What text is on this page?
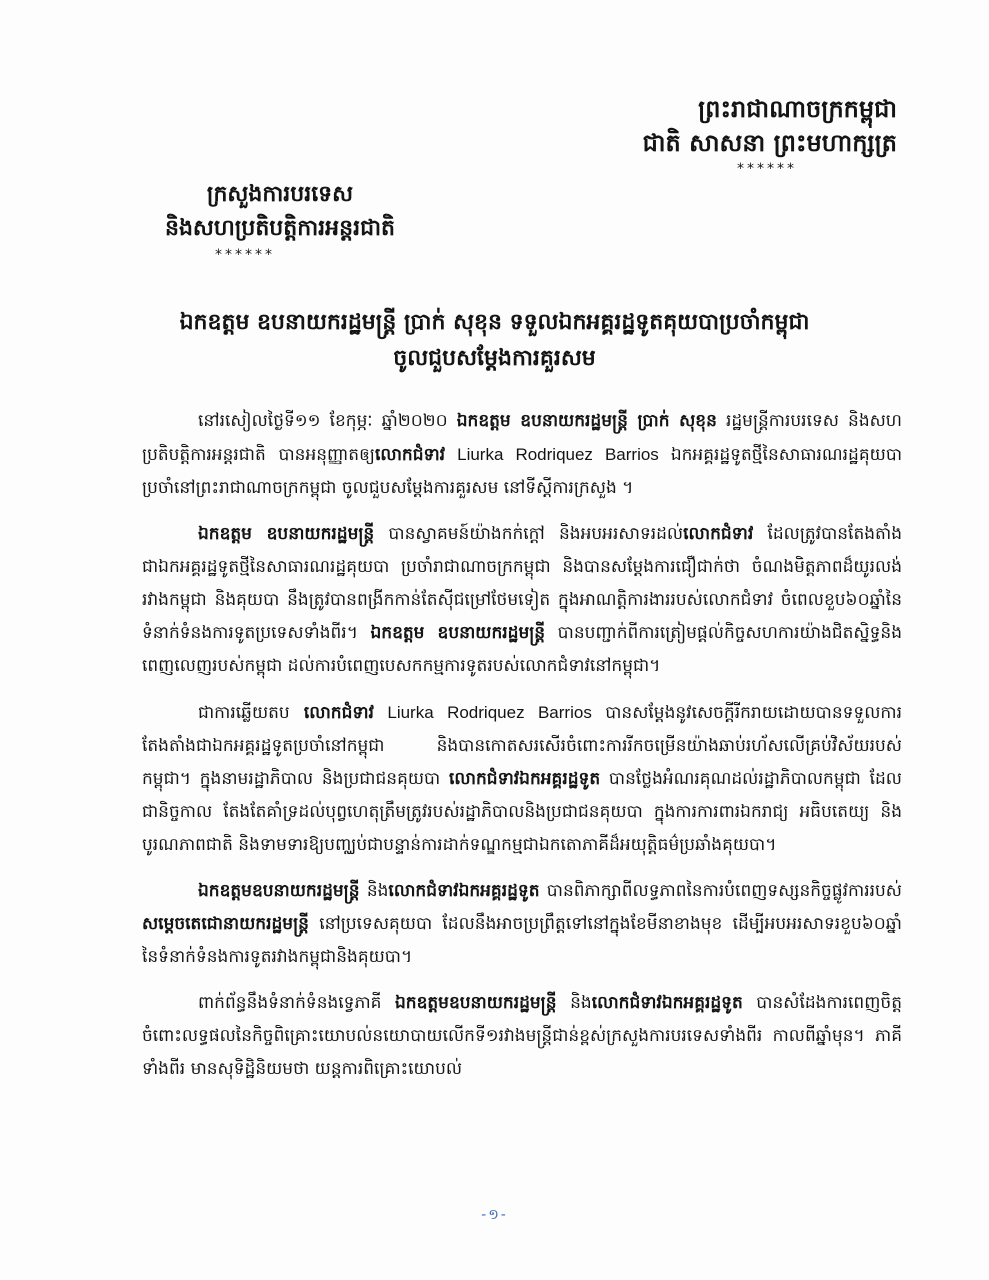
ព្រះរាជាណាចក្រកម្ពុជា
ជាតិ សាសនា ព្រះមហាក្សត្រ
******
ក្រសួងការបរទេស
និងសហប្រតិបត្តិការអន្តរជាតិ
******
ឯកឧត្តម ឧបនាយករដ្ឋមន្ត្រី ប្រាក់ សុខុន ទទួលឯកអគ្គរដ្ឋទូតគុយបាប្រចាំកម្ពុជា
ចូលជួបសម្តែងការគួរសម

នៅរសៀលថ្ងៃទី១១ ខែកុម្ភៈ ឆ្នាំ២០២០ ឯកឧត្តម ឧបនាយករដ្ឋមន្ត្រី ប្រាក់ សុខុន រដ្ឋមន្ត្រីការបរទេស និងសហប្រតិបត្តិការអន្តរជាតិ បានអនុញ្ញាតឲ្យលោកជំទាវ Liurka Rodriquez Barrios ឯកអគ្គរដ្ឋទូតថ្មីនៃសាធារណរដ្ឋគុយបា ប្រចាំនៅព្រះរាជាណាចក្រកម្ពុជា ចូលជួបសម្តែងការគួរសម នៅទីស្តីការក្រសួង ។

ឯកឧត្តម ឧបនាយករដ្ឋមន្ត្រី បានស្វាគមន៍យ៉ាងកក់ក្តៅ និងអបអរសាទរដល់លោកជំទាវ ដែលត្រូវបានតែងតាំងជាឯកអគ្គរដ្ឋទូតថ្មីនៃសាធារណរដ្ឋគុយបា ប្រចាំរាជាណាចក្រកម្ពុជា និងបានសម្តែងការជឿជាក់ថា ចំណងមិត្តភាពដ៏យូរលង់រវាងកម្ពុជា និងគុយបា នឹងត្រូវបានពង្រីកកាន់តែស៊ីជម្រៅថែមទៀត ក្នុងអាណត្តិការងាររបស់លោកជំទាវ ចំពេលខួប៦០ឆ្នាំនៃទំនាក់ទំនងការទូតប្រទេសទាំងពីរ។ ឯកឧត្តម ឧបនាយករដ្ឋមន្ត្រី បានបញ្ជាក់ពីការត្រៀមផ្តល់កិច្ចសហការយ៉ាងជិតស្និទ្ធនិងពេញលេញរបស់កម្ពុជា ដល់ការបំពេញបេសកកម្មការទូតរបស់លោកជំទាវនៅកម្ពុជា។

ជាការឆ្លើយតប លោកជំទាវ Liurka Rodriquez Barrios បានសម្តែងនូវសេចក្តីរីករាយដោយបានទទួលការតែងតាំងជាឯកអគ្គរដ្ឋទូតប្រចាំនៅកម្ពុជា និងបានកោតសរសើរចំពោះការរីកចម្រើនយ៉ាងឆាប់រហ័សលើគ្រប់វិស័យរបស់កម្ពុជា។ ក្នុងនាមរដ្ឋាភិបាល និងប្រជាជនគុយបា លោកជំទាវឯកអគ្គរដ្ឋទូត បានថ្លែងអំណរគុណដល់រដ្ឋាភិបាលកម្ពុជា ដែលជានិច្ចកាល តែងតែគាំទ្រដល់បុព្វហេតុត្រឹមត្រូវរបស់រដ្ឋាភិបាលនិងប្រជាជនគុយបា ក្នុងការការពារឯករាជ្យ អធិបតេយ្យ និងបូរណភាពជាតិ និងទាមទារឱ្យបញ្ឈប់ជាបន្ទាន់ការដាក់ទណ្ឌកម្មជាឯកតោភាគីដ៏អយុត្តិធម៌ប្រឆាំងគុយបា។

ឯកឧត្តមឧបនាយករដ្ឋមន្ត្រី និងលោកជំទាវឯកអគ្គរដ្ឋទូត បានពិភាក្សាពីលទ្ធភាពនៃការបំពេញទស្សនកិច្ចផ្លូវការរបស់សម្តេចតេជោនាយករដ្ឋមន្ត្រី នៅប្រទេសគុយបា ដែលនឹងអាចប្រព្រឹត្តទៅនៅក្នុងខែមីនាខាងមុខ ដើម្បីអបអរសាទរខួប៦០ឆ្នាំនៃទំនាក់ទំនងការទូតរវាងកម្ពុជានិងគុយបា។

ពាក់ព័ន្ធនឹងទំនាក់ទំនងទ្វេភាគី ឯកឧត្តមឧបនាយករដ្ឋមន្ត្រី និងលោកជំទាវឯកអគ្គរដ្ឋទូត បានសំដែងការពេញចិត្តចំពោះលទ្ធផលនៃកិច្ចពិគ្រោះយោបល់នយោបាយលើកទី១រវាងមន្ត្រីជាន់ខ្ពស់ក្រសួងការបរទេសទាំងពីរ កាលពីឆ្នាំមុន។ ភាគីទាំងពីរ មានសុទិដ្ឋិនិយមថា យន្តការពិគ្រោះយោបល់

-១-
